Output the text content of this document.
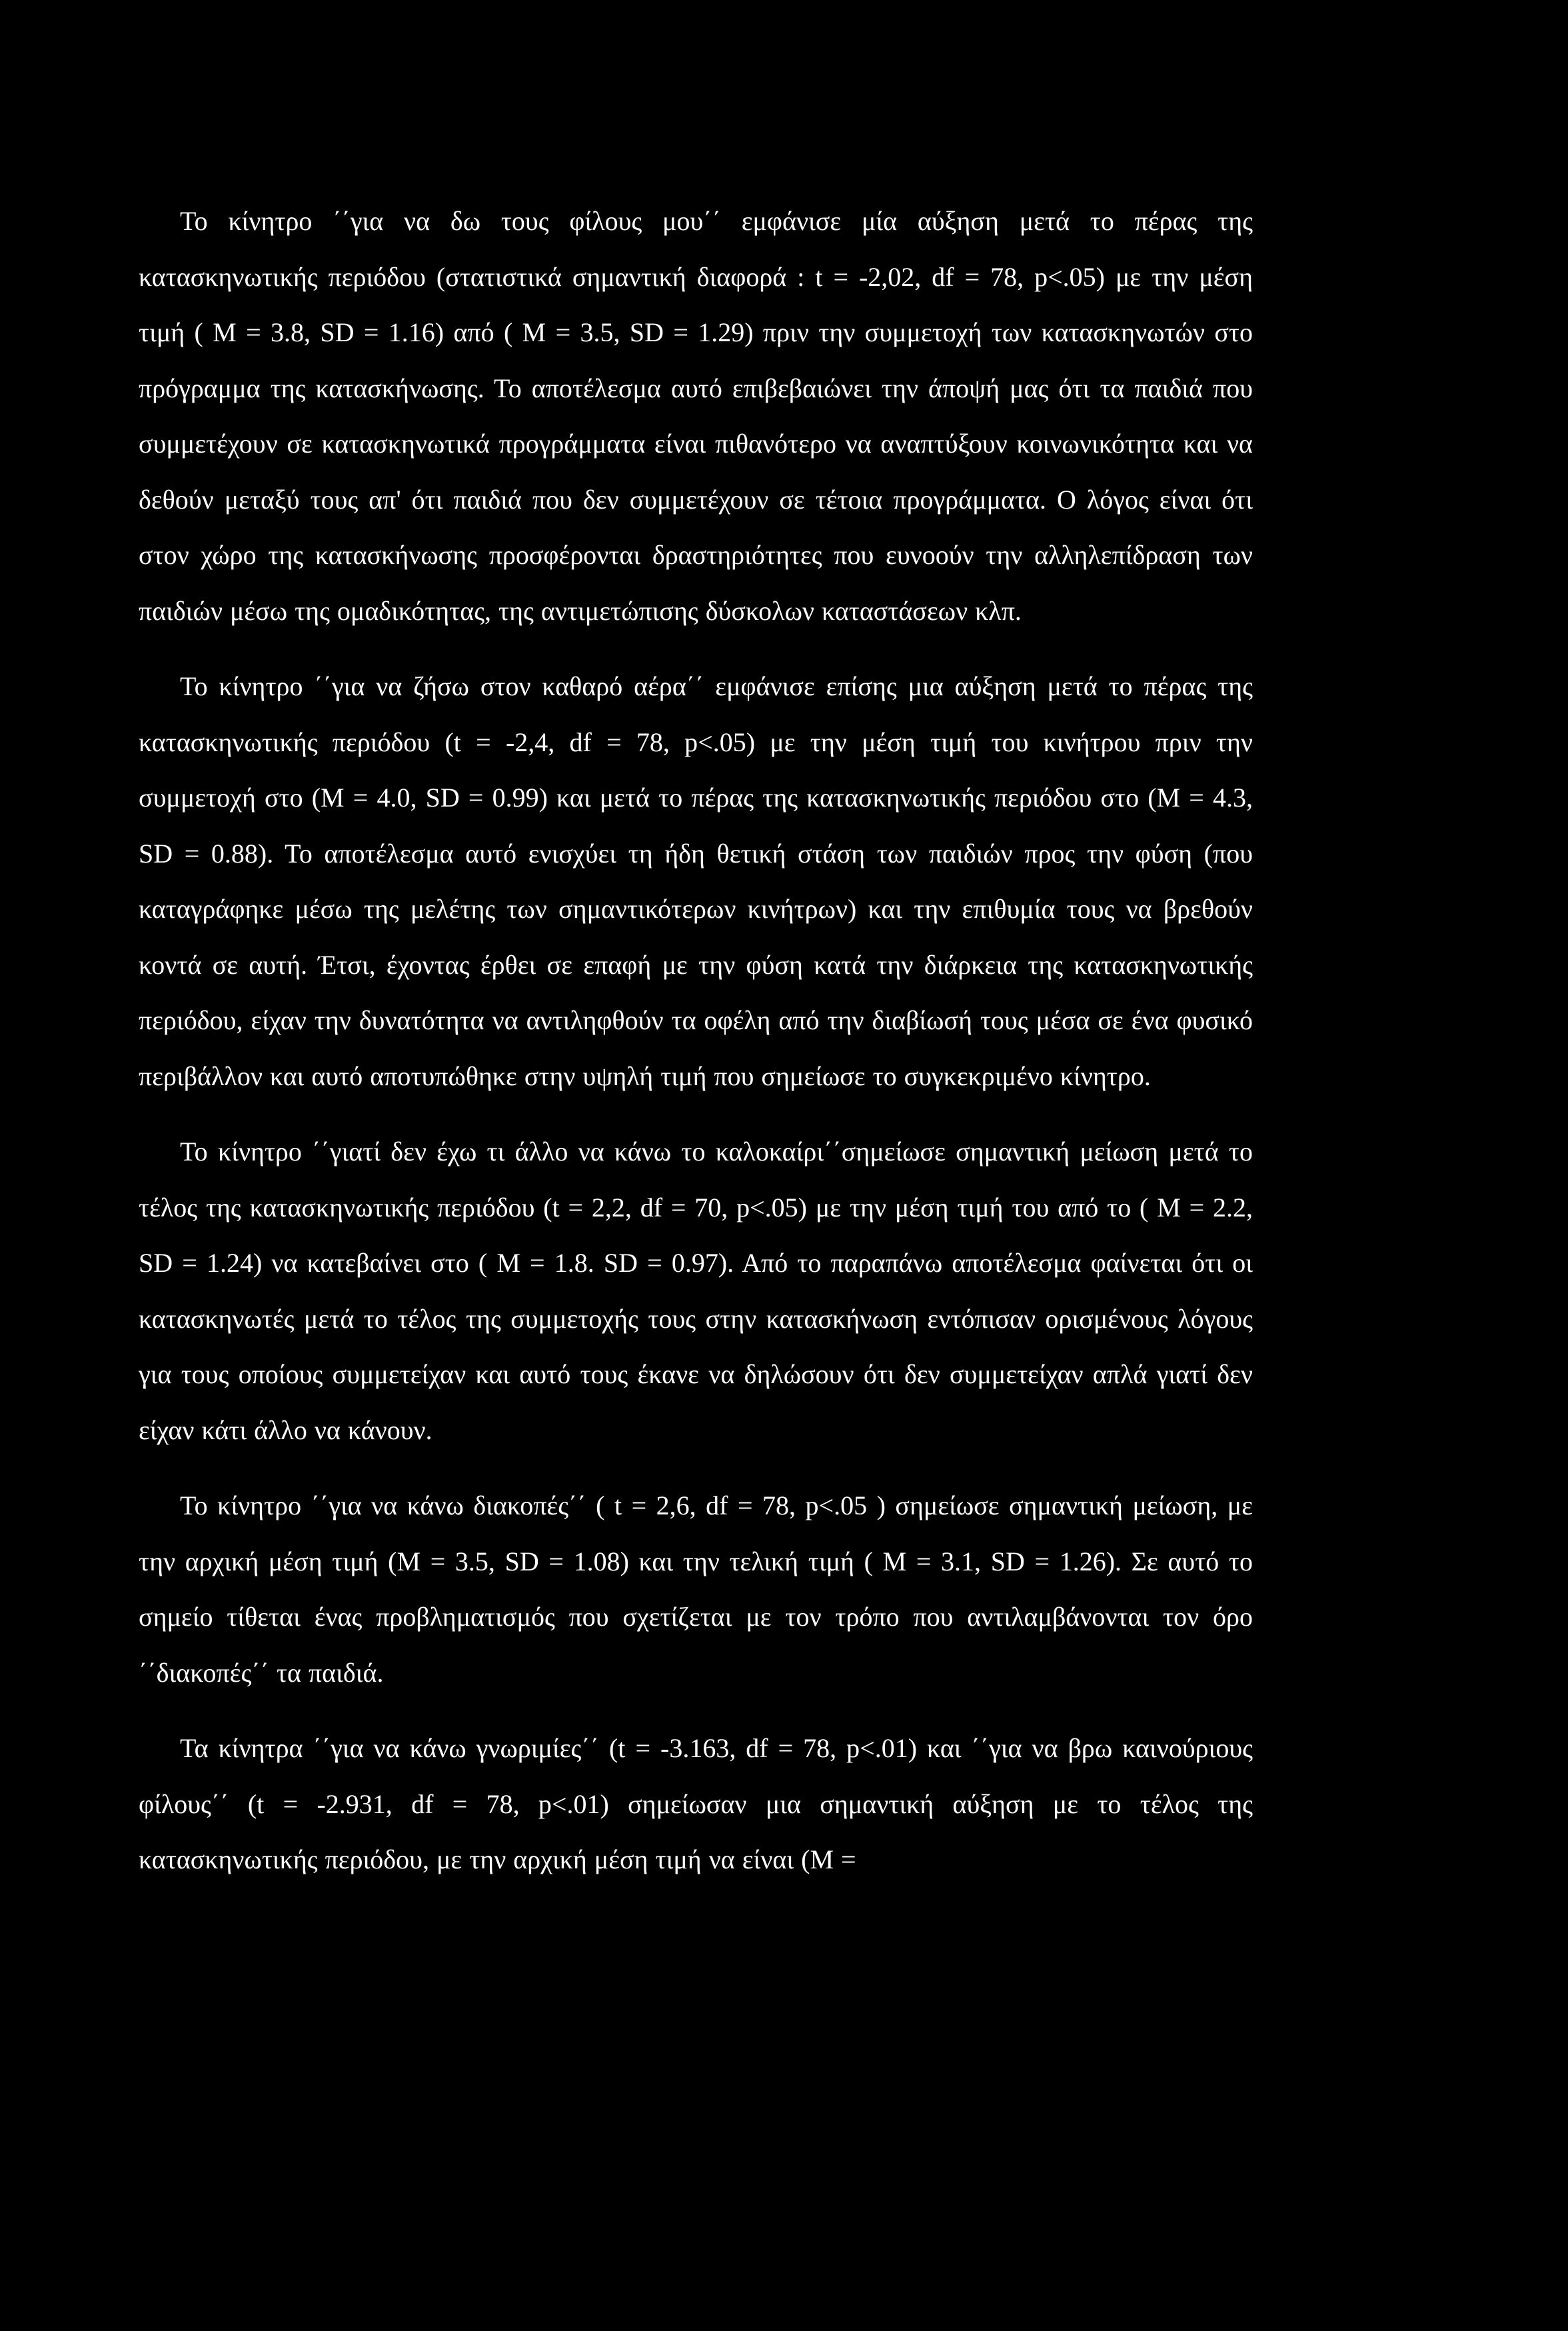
Το κίνητρο ΄΄για να δω τους φίλους μου΄΄ εμφάνισε μία αύξηση μετά το πέρας της κατασκηνωτικής περιόδου (στατιστικά σημαντική διαφορά : t = -2,02, df = 78, p<.05) με την μέση τιμή ( M = 3.8, SD = 1.16) από ( M = 3.5, SD = 1.29) πριν την συμμετοχή των κατασκηνωτών στο πρόγραμμα της κατασκήνωσης. Το αποτέλεσμα αυτό επιβεβαιώνει την άποψή μας ότι τα παιδιά που συμμετέχουν σε κατασκηνωτικά προγράμματα είναι πιθανότερο να αναπτύξουν κοινωνικότητα και να δεθούν μεταξύ τους απ' ότι παιδιά που δεν συμμετέχουν σε τέτοια προγράμματα. Ο λόγος είναι ότι στον χώρο της κατασκήνωσης προσφέρονται δραστηριότητες που ευνοούν την αλληλεπίδραση των παιδιών μέσω της ομαδικότητας, της αντιμετώπισης δύσκολων καταστάσεων κλπ.

Το κίνητρο ΄΄για να ζήσω στον καθαρό αέρα΄΄ εμφάνισε επίσης μια αύξηση μετά το πέρας της κατασκηνωτικής περιόδου (t = -2,4, df = 78, p<.05) με την μέση τιμή του κινήτρου πριν την συμμετοχή στο (M = 4.0, SD = 0.99) και μετά το πέρας της κατασκηνωτικής περιόδου στο (M = 4.3, SD = 0.88). Το αποτέλεσμα αυτό ενισχύει τη ήδη θετική στάση των παιδιών προς την φύση (που καταγράφηκε μέσω της μελέτης των σημαντικότερων κινήτρων) και την επιθυμία τους να βρεθούν κοντά σε αυτή. Έτσι, έχοντας έρθει σε επαφή με την φύση κατά την διάρκεια της κατασκηνωτικής περιόδου, είχαν την δυνατότητα να αντιληφθούν τα οφέλη από την διαβίωσή τους μέσα σε ένα φυσικό περιβάλλον και αυτό αποτυπώθηκε στην υψηλή τιμή που σημείωσε το συγκεκριμένο κίνητρο.

Το κίνητρο ΄΄γιατί δεν έχω τι άλλο να κάνω το καλοκαίρι΄΄σημείωσε σημαντική μείωση μετά το τέλος της κατασκηνωτικής περιόδου (t = 2,2, df = 70, p<.05) με την μέση τιμή του από το ( M = 2.2, SD = 1.24) να κατεβαίνει στο ( M = 1.8. SD = 0.97). Από το παραπάνω αποτέλεσμα φαίνεται ότι οι κατασκηνωτές μετά το τέλος της συμμετοχής τους στην κατασκήνωση εντόπισαν ορισμένους λόγους για τους οποίους συμμετείχαν και αυτό τους έκανε να δηλώσουν ότι δεν συμμετείχαν απλά γιατί δεν είχαν κάτι άλλο να κάνουν.

Το κίνητρο ΄΄για να κάνω διακοπές΄΄ ( t = 2,6, df = 78, p<.05 ) σημείωσε σημαντική μείωση, με την αρχική μέση τιμή (M = 3.5, SD = 1.08) και την τελική τιμή ( M = 3.1, SD = 1.26). Σε αυτό το σημείο τίθεται ένας προβληματισμός που σχετίζεται με τον τρόπο που αντιλαμβάνονται τον όρο ΄΄διακοπές΄΄ τα παιδιά.

Τα κίνητρα ΄΄για να κάνω γνωριμίες΄΄ (t = -3.163, df = 78, p<.01) και ΄΄για να βρω καινούριους φίλους΄΄ (t = -2.931, df = 78, p<.01) σημείωσαν μια σημαντική αύξηση με το τέλος της κατασκηνωτικής περιόδου, με την αρχική μέση τιμή να είναι (M =
